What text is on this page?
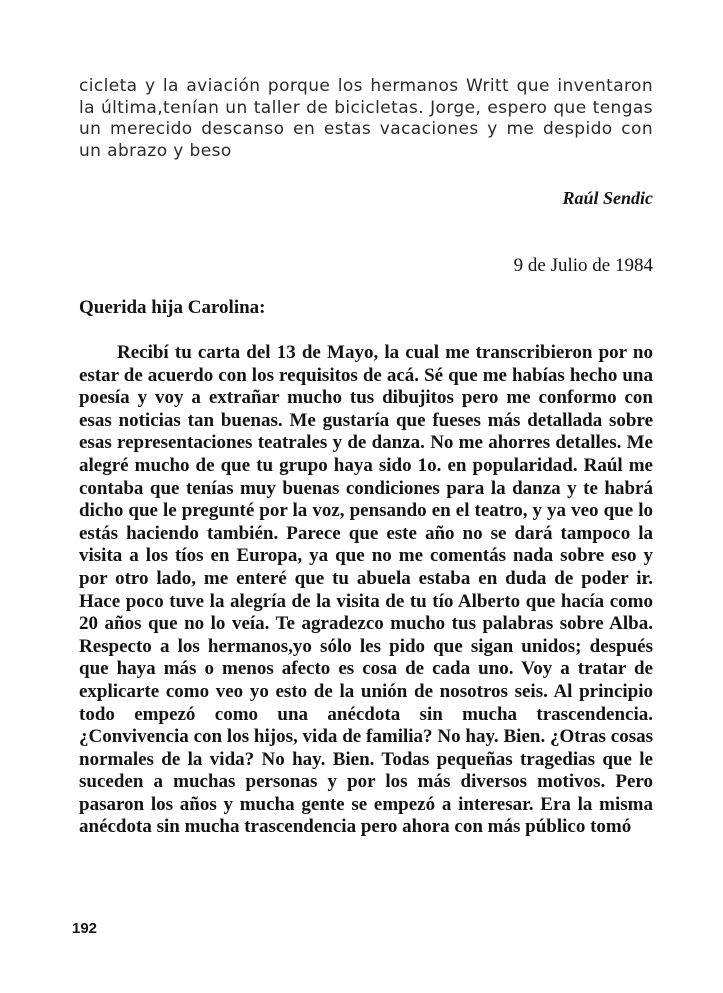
cicleta y la aviación porque los hermanos Writt que inventaron la última,tenían un taller de bicicletas. Jorge, espero que tengas un merecido descanso en estas vacaciones y me despido con un abrazo y beso

Raúl Sendic
9 de Julio de 1984
Querida hija Carolina:

Recibí tu carta del 13 de Mayo, la cual me transcribieron por no estar de acuerdo con los requisitos de acá. Sé que me habías hecho una poesía y voy a extrañar mucho tus dibujitos pero me conformo con esas noticias tan buenas. Me gustaría que fueses más detallada sobre esas representaciones teatrales y de danza. No me ahorres detalles. Me alegré mucho de que tu grupo haya sido 1o. en popularidad. Raúl me contaba que tenías muy buenas condiciones para la danza y te habrá dicho que le pregunté por la voz, pensando en el teatro, y ya veo que lo estás haciendo también. Parece que este año no se dará tampoco la visita a los tíos en Europa, ya que no me comentás nada sobre eso y por otro lado, me enteré que tu abuela estaba en duda de poder ir. Hace poco tuve la alegría de la visita de tu tío Alberto que hacía como 20 años que no lo veía. Te agradezco mucho tus palabras sobre Alba. Respecto a los hermanos,yo sólo les pido que sigan unidos; después que haya más o menos afecto es cosa de cada uno. Voy a tratar de explicarte como veo yo esto de la unión de nosotros seis. Al principio todo empezó como una anécdota sin mucha trascendencia. ¿Convivencia con los hijos, vida de familia? No hay. Bien. ¿Otras cosas normales de la vida? No hay. Bien. Todas pequeñas tragedias que le suceden a muchas personas y por los más diversos motivos. Pero pasaron los años y mucha gente se empezó a interesar. Era la misma anécdota sin mucha trascendencia pero ahora con más público tomó

192
